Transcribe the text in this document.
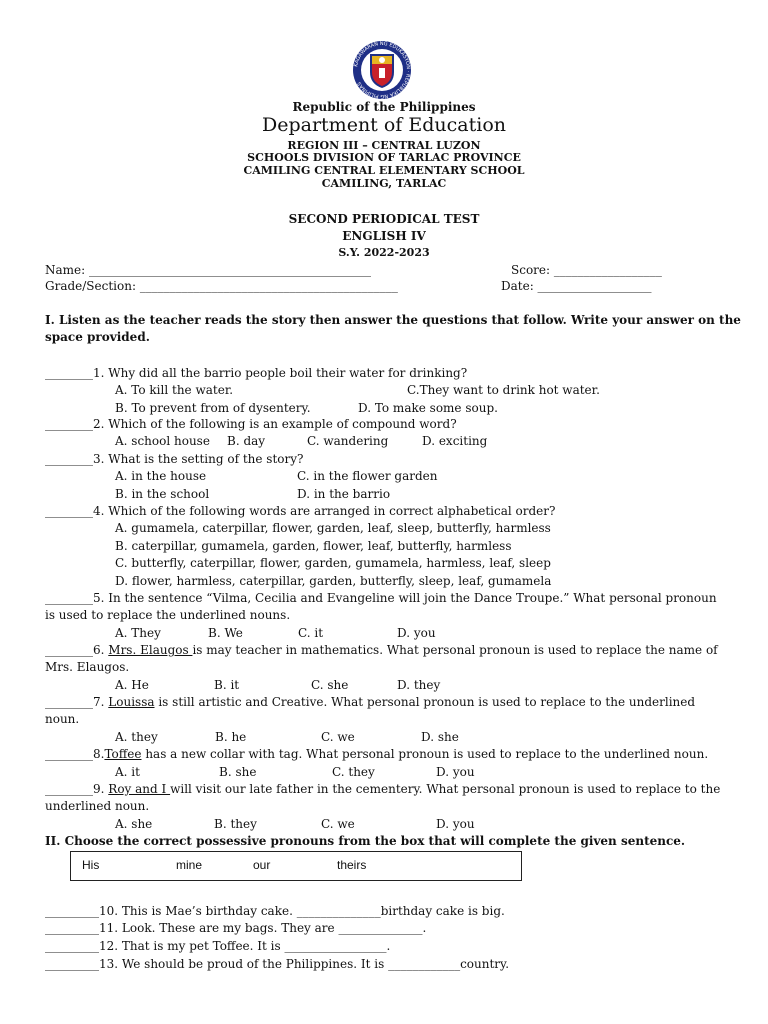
KAGAWARAN NG EDUKASYON · REPUBLIKA NG PILIPINAS
Republic of the Philippines
Department of Education
REGION III – CENTRAL LUZON
SCHOOLS DIVISION OF TARLAC PROVINCE
CAMILING CENTRAL ELEMENTARY SCHOOL
CAMILING, TARLAC
SECOND PERIODICAL TEST
ENGLISH IV
S.Y. 2022-2023
Name: _______________________________________________	Score: __________________
Grade/Section: ___________________________________________	Date: ___________________
I. Listen as the teacher reads the story then answer the questions that follow. Write your answer on the
space provided.
________1. Why did all the barrio people boil their water for drinking?
A. To kill the water.	C.They want to drink hot water.
B. To prevent from of dysentery.	D. To make some soup.
________2. Which of the following is an example of compound word?
A. school house B. day	C. wandering	D. exciting
________3. What is the setting of the story?
A. in the house	C. in the flower garden
B. in the school	D. in the barrio
________4. Which of the following words are arranged in correct alphabetical order?
A. gumamela, caterpillar, flower, garden, leaf, sleep, butterfly, harmless
B. caterpillar, gumamela, garden, flower, leaf, butterfly, harmless
C. butterfly, caterpillar, flower, garden, gumamela, harmless, leaf, sleep
D. flower, harmless, caterpillar, garden, butterfly, sleep, leaf, gumamela
________5. In the sentence “Vilma, Cecilia and Evangeline will join the Dance Troupe.” What personal pronoun
is used to replace the underlined nouns.
A. They	B. We	C. it	D. you
________6. Mrs. Elaugos is may teacher in mathematics. What personal pronoun is used to replace the name of
Mrs. Elaugos.
A. He	B. it	C. she	D. they
________7. Louissa is still artistic and Creative. What personal pronoun is used to replace to the underlined
noun.
A. they	B. he	C. we	D. she
________8.Toffee has a new collar with tag. What personal pronoun is used to replace to the underlined noun.
A. it	B. she	C. they	D. you
________9. Roy and I will visit our late father in the cementery. What personal pronoun is used to replace to the
underlined noun.
A. she	B. they	C. we	D. you
II. Choose the correct possessive pronouns from the box that will complete the given sentence.
His	mine	our	theirs
_________10. This is Mae’s birthday cake. ______________birthday cake is big.
_________11. Look. These are my bags. They are ______________.
_________12. That is my pet Toffee. It is _________________.
_________13. We should be proud of the Philippines. It is ____________country.
